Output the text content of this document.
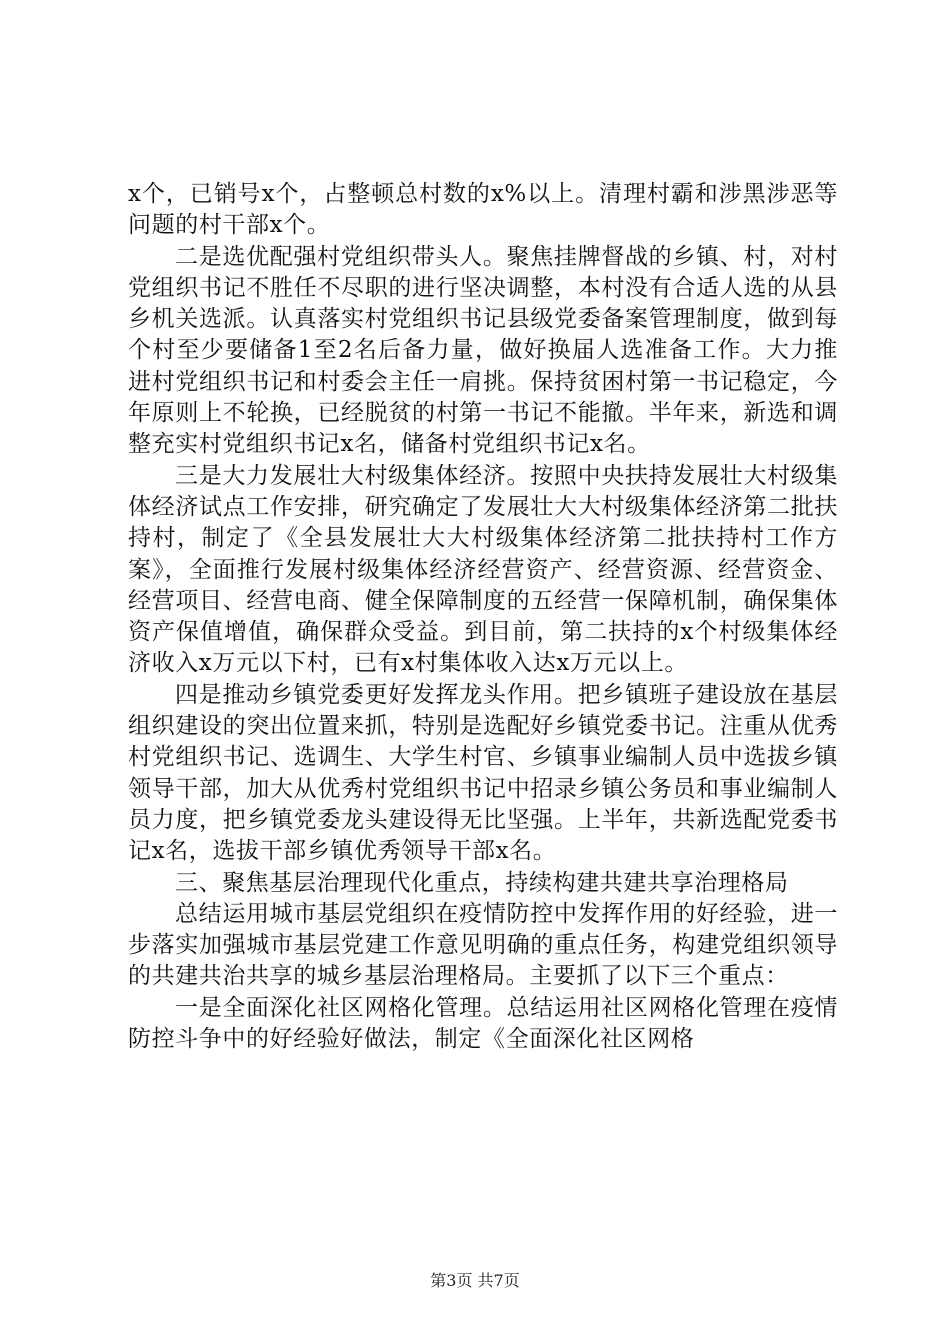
x个，已销号x个，占整顿总村数的x%以上。清理村霸和涉黑涉恶等问题的村干部x个。

二是选优配强村党组织带头人。聚焦挂牌督战的乡镇、村，对村党组织书记不胜任不尽职的进行坚决调整，本村没有合适人选的从县乡机关选派。认真落实村党组织书记县级党委备案管理制度，做到每个村至少要储备1至2名后备力量，做好换届人选准备工作。大力推进村党组织书记和村委会主任一肩挑。保持贫困村第一书记稳定，今年原则上不轮换，已经脱贫的村第一书记不能撤。半年来，新选和调整充实村党组织书记x名，储备村党组织书记x名。

三是大力发展壮大村级集体经济。按照中央扶持发展壮大村级集体经济试点工作安排，研究确定了发展壮大大村级集体经济第二批扶持村，制定了《全县发展壮大大村级集体经济第二批扶持村工作方案》，全面推行发展村级集体经济经营资产、经营资源、经营资金、经营项目、经营电商、健全保障制度的五经营一保障机制，确保集体资产保值增值，确保群众受益。到目前，第二扶持的x个村级集体经济收入x万元以下村，已有x村集体收入达x万元以上。

四是推动乡镇党委更好发挥龙头作用。把乡镇班子建设放在基层组织建设的突出位置来抓，特别是选配好乡镇党委书记。注重从优秀村党组织书记、选调生、大学生村官、乡镇事业编制人员中选拔乡镇领导干部，加大从优秀村党组织书记中招录乡镇公务员和事业编制人员力度，把乡镇党委龙头建设得无比坚强。上半年，共新选配党委书记x名，选拔干部乡镇优秀领导干部x名。

三、聚焦基层治理现代化重点，持续构建共建共享治理格局

总结运用城市基层党组织在疫情防控中发挥作用的好经验，进一步落实加强城市基层党建工作意见明确的重点任务，构建党组织领导的共建共治共享的城乡基层治理格局。主要抓了以下三个重点：

一是全面深化社区网格化管理。总结运用社区网格化管理在疫情防控斗争中的好经验好做法，制定《全面深化社区网格

第3页 共7页
